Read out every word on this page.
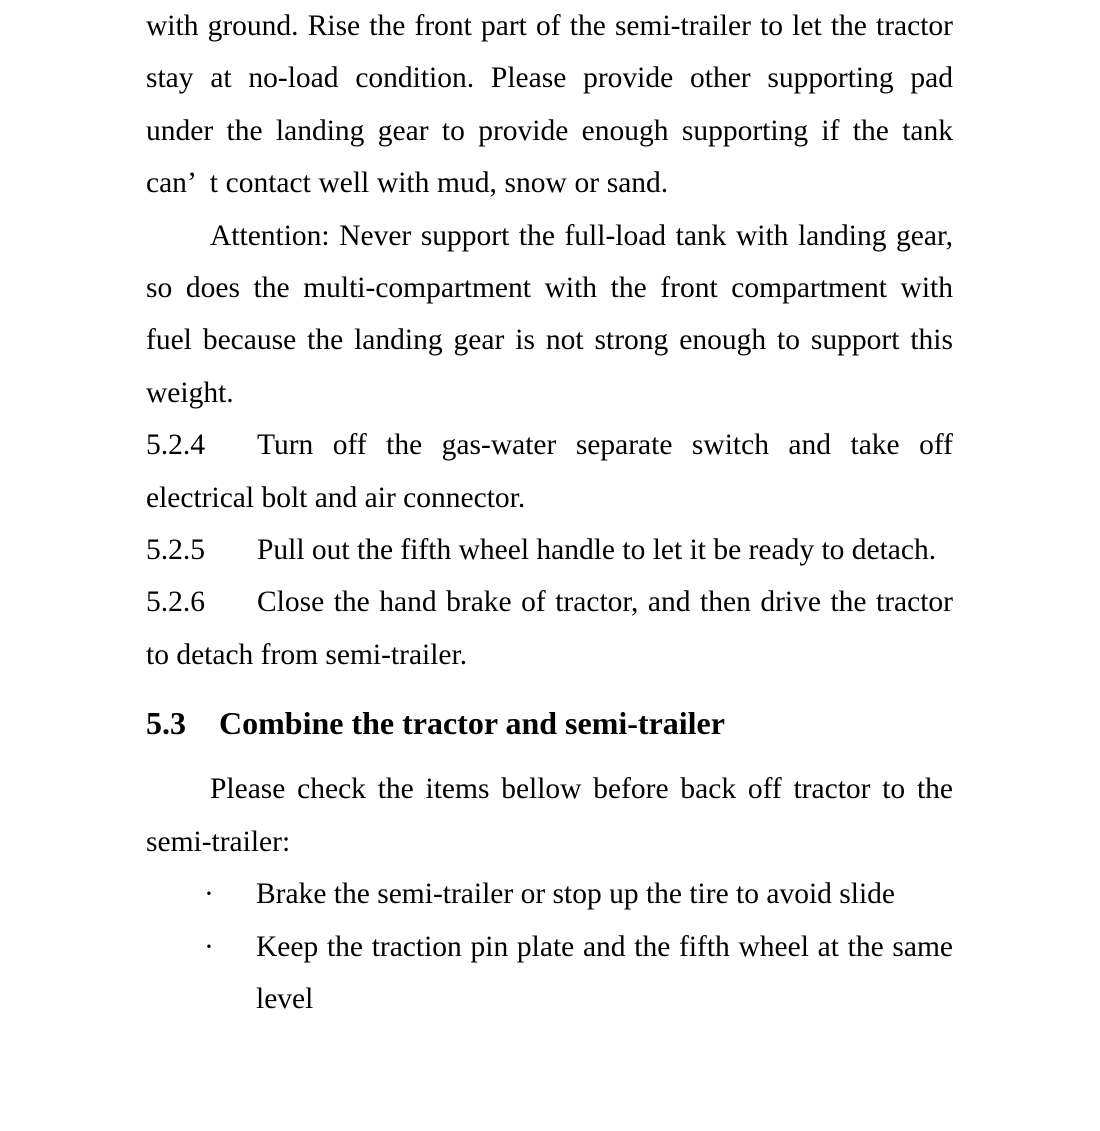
with ground. Rise the front part of the semi-trailer to let the tractor stay at no-load condition. Please provide other supporting pad under the landing gear to provide enough supporting if the tank can’ t contact well with mud, snow or sand.

Attention: Never support the full-load tank with landing gear, so does the multi-compartment with the front compartment with fuel because the landing gear is not strong enough to support this weight.

5.2.4 Turn off the gas-water separate switch and take off electrical bolt and air connector.

5.2.5 Pull out the fifth wheel handle to let it be ready to detach.

5.2.6 Close the hand brake of tractor, and then drive the tractor to detach from semi-trailer.

5.3 Combine the tractor and semi-trailer

Please check the items bellow before back off tractor to the semi-trailer:

· Brake the semi-trailer or stop up the tire to avoid slide
· Keep the traction pin plate and the fifth wheel at the same level
